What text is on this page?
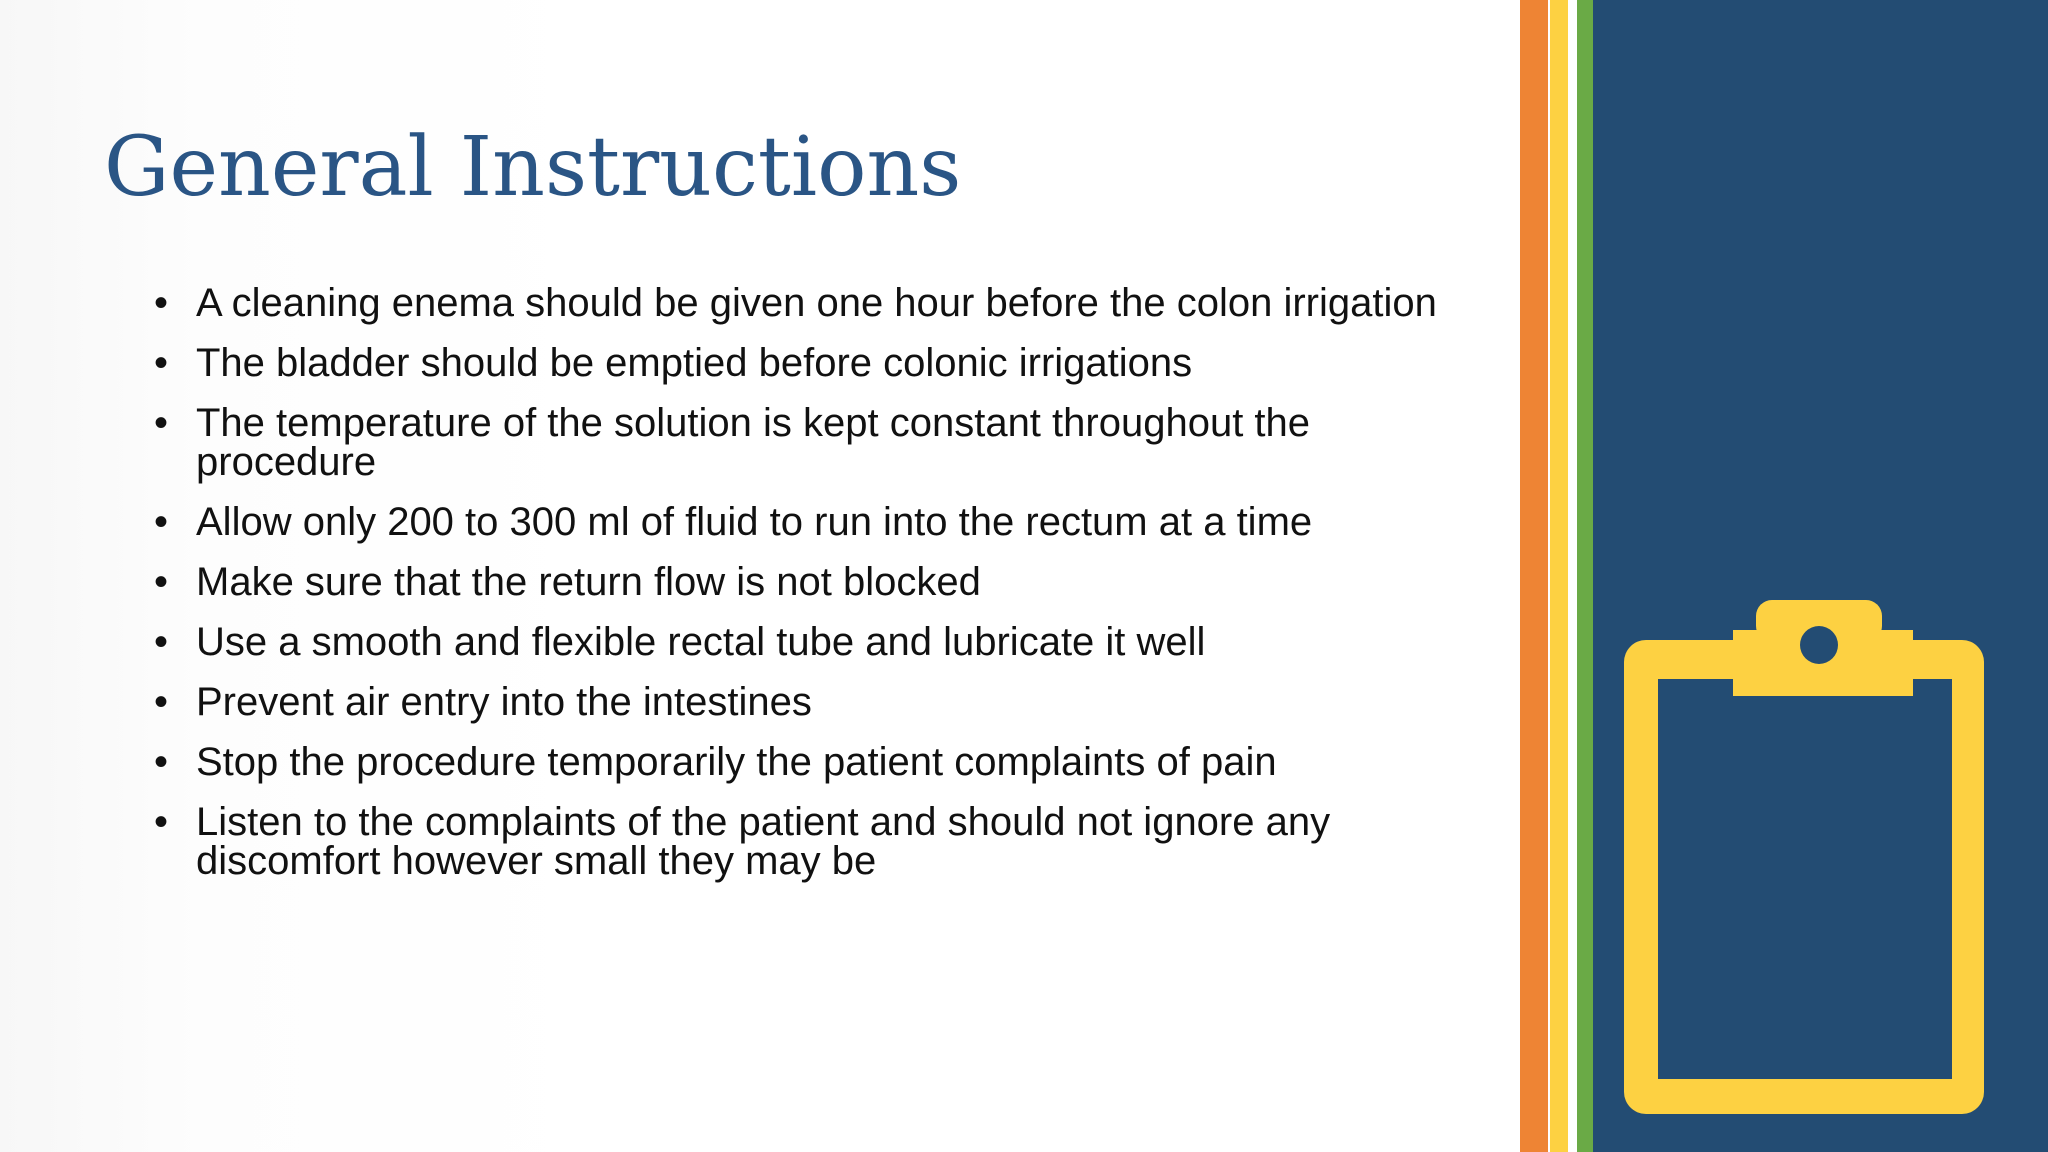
General Instructions
• A cleaning enema should be given one hour before the colon irrigation
• The bladder should be emptied before colonic irrigations
• The temperature of the solution is kept constant throughout the procedure
• Allow only 200 to 300 ml of fluid to run into the rectum at a time
• Make sure that the return flow is not blocked
• Use a smooth and flexible rectal tube and lubricate it well
• Prevent air entry into the intestines
• Stop the procedure temporarily the patient complaints of pain
• Listen to the complaints of the patient and should not ignore any discomfort however small they may be
